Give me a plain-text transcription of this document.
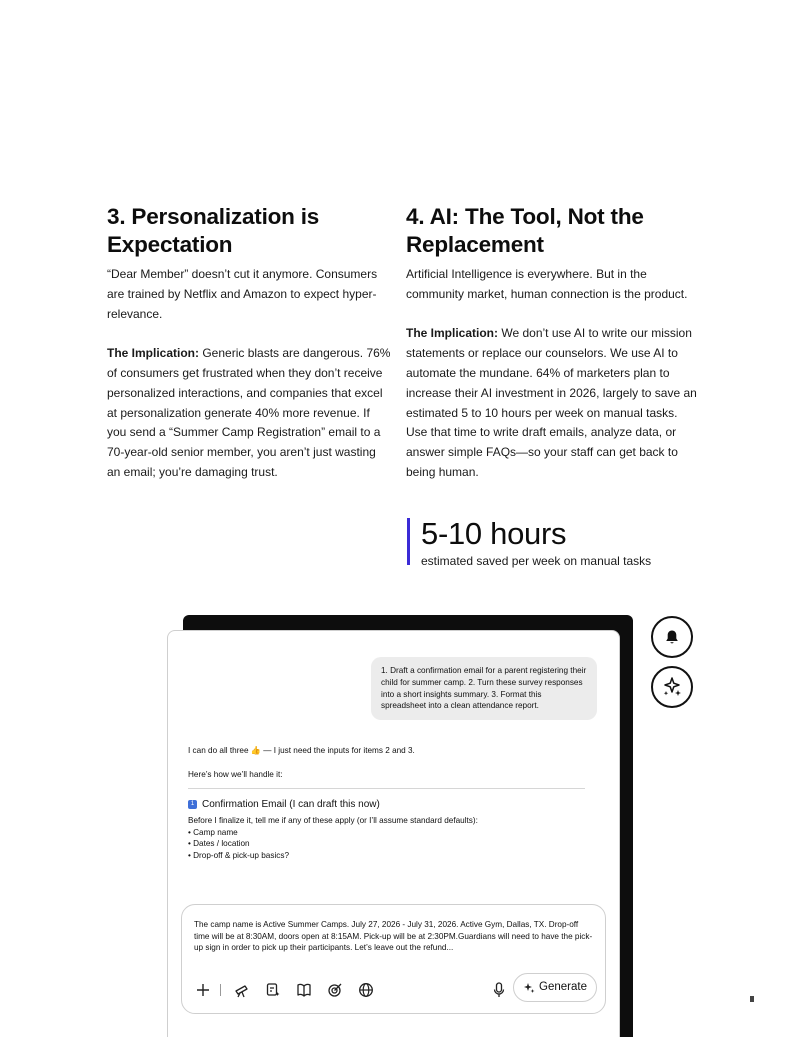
3. Personalization is
Expectation

“Dear Member” doesn’t cut it anymore. Consumers are trained by Netflix and Amazon to expect hyper-relevance.

The Implication: Generic blasts are dangerous. 76% of consumers get frustrated when they don’t receive personalized interactions, and companies that excel at personalization generate 40% more revenue. If you send a “Summer Camp Registration” email to a 70-year-old senior member, you aren’t just wasting an email; you’re damaging trust.

4. AI: The Tool, Not the
Replacement

Artificial Intelligence is everywhere. But in the community market, human connection is the product.

The Implication: We don’t use AI to write our mission statements or replace our counselors. We use AI to automate the mundane. 64% of marketers plan to increase their AI investment in 2026, largely to save an estimated 5 to 10 hours per week on manual tasks. Use that time to write draft emails, analyze data, or answer simple FAQs—so your staff can get back to being human.

5-10 hours
estimated saved per week on manual tasks
1. Draft a confirmation email for a parent registering their child for summer camp. 2. Turn these survey responses into a short insights summary. 3. Format this spreadsheet into a clean attendance report.
I can do all three 👍 — I just need the inputs for items 2 and 3.
Here’s how we’ll handle it:
1 Confirmation Email (I can draft this now)
Before I finalize it, tell me if any of these apply (or I’ll assume standard defaults):
• Camp name
• Dates / location
• Drop-off & pick-up basics?
The camp name is Active Summer Camps. July 27, 2026 - July 31, 2026. Active Gym, Dallas, TX. Drop-off time will be at 8:30AM, doors open at 8:15AM. Pick-up will be at 2:30PM.Guardians will need to have the pick-up sign in order to pick up their participants. Let’s leave out the refund...
Generate
